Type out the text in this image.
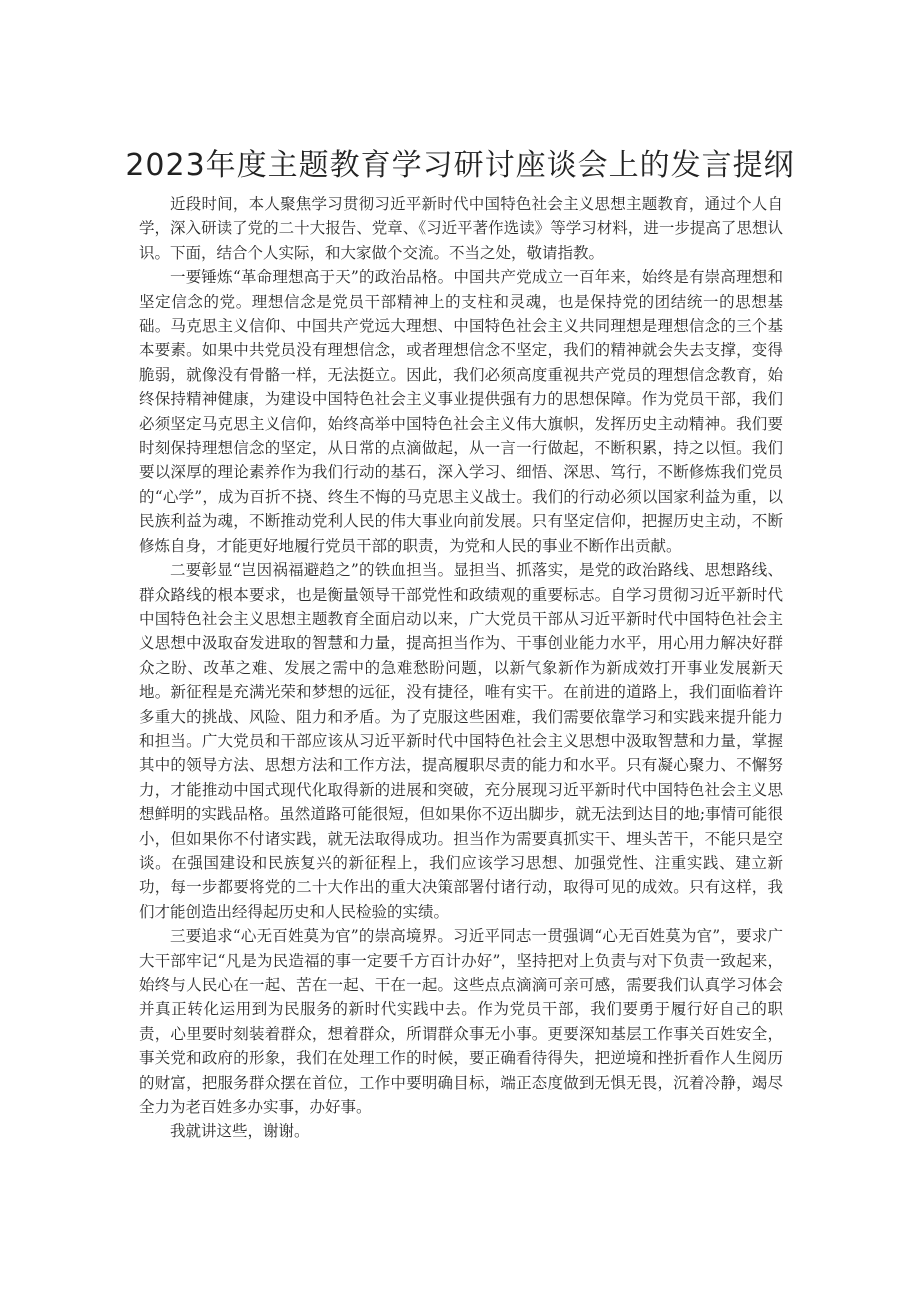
2023年度主题教育学习研讨座谈会上的发言提纲

近段时间，本人聚焦学习贯彻习近平新时代中国特色社会主义思想主题教育，通过个人自学，深入研读了党的二十大报告、党章、《习近平著作选读》等学习材料，进一步提高了思想认识。下面，结合个人实际，和大家做个交流。不当之处，敬请指教。

一要锤炼“革命理想高于天”的政治品格。中国共产党成立一百年来，始终是有崇高理想和坚定信念的党。理想信念是党员干部精神上的支柱和灵魂，也是保持党的团结统一的思想基础。马克思主义信仰、中国共产党远大理想、中国特色社会主义共同理想是理想信念的三个基本要素。如果中共党员没有理想信念，或者理想信念不坚定，我们的精神就会失去支撑，变得脆弱，就像没有骨骼一样，无法挺立。因此，我们必须高度重视共产党员的理想信念教育，始终保持精神健康，为建设中国特色社会主义事业提供强有力的思想保障。作为党员干部，我们必须坚定马克思主义信仰，始终高举中国特色社会主义伟大旗帜，发挥历史主动精神。我们要时刻保持理想信念的坚定，从日常的点滴做起，从一言一行做起，不断积累，持之以恒。我们要以深厚的理论素养作为我们行动的基石，深入学习、细悟、深思、笃行，不断修炼我们党员的“心学”，成为百折不挠、终生不悔的马克思主义战士。我们的行动必须以国家利益为重，以民族利益为魂，不断推动党利人民的伟大事业向前发展。只有坚定信仰，把握历史主动，不断修炼自身，才能更好地履行党员干部的职责，为党和人民的事业不断作出贡献。

二要彰显“岂因祸福避趋之”的铁血担当。显担当、抓落实，是党的政治路线、思想路线、群众路线的根本要求，也是衡量领导干部党性和政绩观的重要标志。自学习贯彻习近平新时代中国特色社会主义思想主题教育全面启动以来，广大党员干部从习近平新时代中国特色社会主义思想中汲取奋发进取的智慧和力量，提高担当作为、干事创业能力水平，用心用力解决好群众之盼、改革之难、发展之需中的急难愁盼问题，以新气象新作为新成效打开事业发展新天地。新征程是充满光荣和梦想的远征，没有捷径，唯有实干。在前进的道路上，我们面临着许多重大的挑战、风险、阻力和矛盾。为了克服这些困难，我们需要依靠学习和实践来提升能力和担当。广大党员和干部应该从习近平新时代中国特色社会主义思想中汲取智慧和力量，掌握其中的领导方法、思想方法和工作方法，提高履职尽责的能力和水平。只有凝心聚力、不懈努力，才能推动中国式现代化取得新的进展和突破，充分展现习近平新时代中国特色社会主义思想鲜明的实践品格。虽然道路可能很短，但如果你不迈出脚步，就无法到达目的地;事情可能很小，但如果你不付诸实践，就无法取得成功。担当作为需要真抓实干、埋头苦干，不能只是空谈。在强国建设和民族复兴的新征程上，我们应该学习思想、加强党性、注重实践、建立新功，每一步都要将党的二十大作出的重大决策部署付诸行动，取得可见的成效。只有这样，我们才能创造出经得起历史和人民检验的实绩。

三要追求“心无百姓莫为官”的崇高境界。习近平同志一贯强调“心无百姓莫为官”，要求广大干部牢记“凡是为民造福的事一定要千方百计办好”，坚持把对上负责与对下负责一致起来，始终与人民心在一起、苦在一起、干在一起。这些点点滴滴可亲可感，需要我们认真学习体会并真正转化运用到为民服务的新时代实践中去。作为党员干部，我们要勇于履行好自己的职责，心里要时刻装着群众，想着群众，所谓群众事无小事。更要深知基层工作事关百姓安全，事关党和政府的形象，我们在处理工作的时候，要正确看待得失，把逆境和挫折看作人生阅历的财富，把服务群众摆在首位，工作中要明确目标，端正态度做到无惧无畏，沉着冷静，竭尽全力为老百姓多办实事，办好事。

我就讲这些，谢谢。
